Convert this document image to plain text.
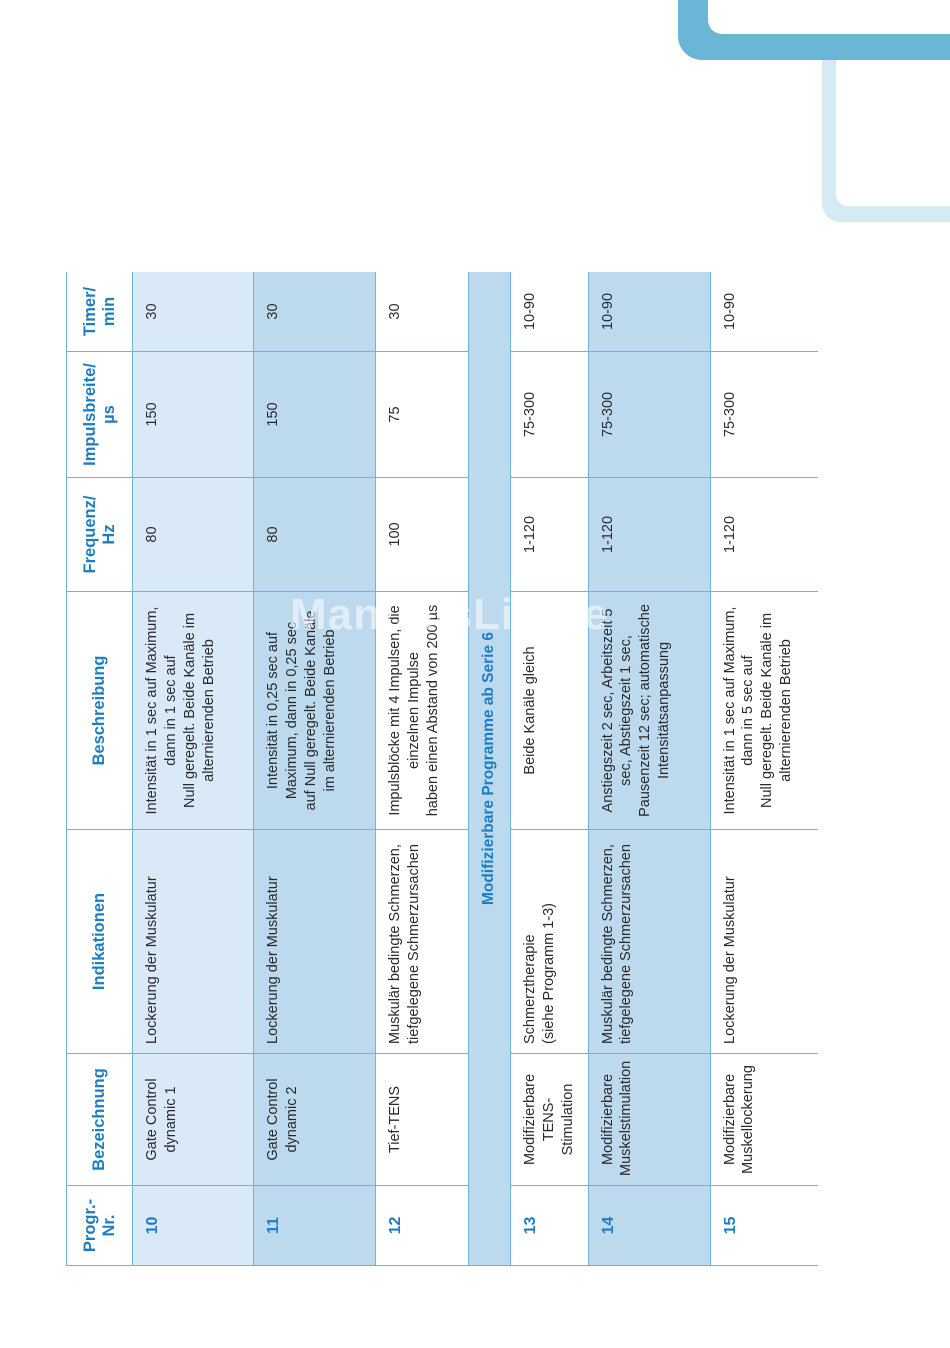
Progr.- Nr.	Bezeichnung	Indikationen	Beschreibung	Frequenz/ Hz	Impulsbreite/ µs	Timer/ min

10	Gate Control dynamic 1	Lockerung der Muskulatur	Intensität in 1 sec auf Maximum, dann in 1 sec auf Null geregelt. Beide Kanäle im alternierenden Betrieb	80	150	30
11	Gate Control dynamic 2	Lockerung der Muskulatur	Intensität in 0,25 sec auf Maximum, dann in 0,25 sec auf Null geregelt. Beide Kanäle im alternierenden Betrieb	80	150	30
12	Tief-TENS	Muskulär bedingte Schmerzen, tiefgelegene Schmerzursachen	Impulsblöcke mit 4 Impulsen, die einzelnen Impulse haben einen Abstand von 200 µs	100	75	30
Modifizierbare Programme ab Serie 6						
13	Modifizierbare TENS-Stimulation	Schmerztherapie (siehe Programm 1-3)	Beide Kanäle gleich	1-120	75-300	10-90
14	Modifizierbare Muskelstimulation	Muskulär bedingte Schmerzen, tiefgelegene Schmerzursachen	Anstiegszeit 2 sec, Arbeitszeit 5 sec, Abstiegszeit 1 sec, Pausenzeit 12 sec; automatische Intensitätsanpassung	1-120	75-300	10-90
15	Modifizierbare Muskellockerung	Lockerung der Muskulatur	Intensität in 1 sec auf Maximum, dann in 5 sec auf Null geregelt. Beide Kanäle im alternierenden Betrieb	1-120	75-300	10-90
ManualsLib.de
